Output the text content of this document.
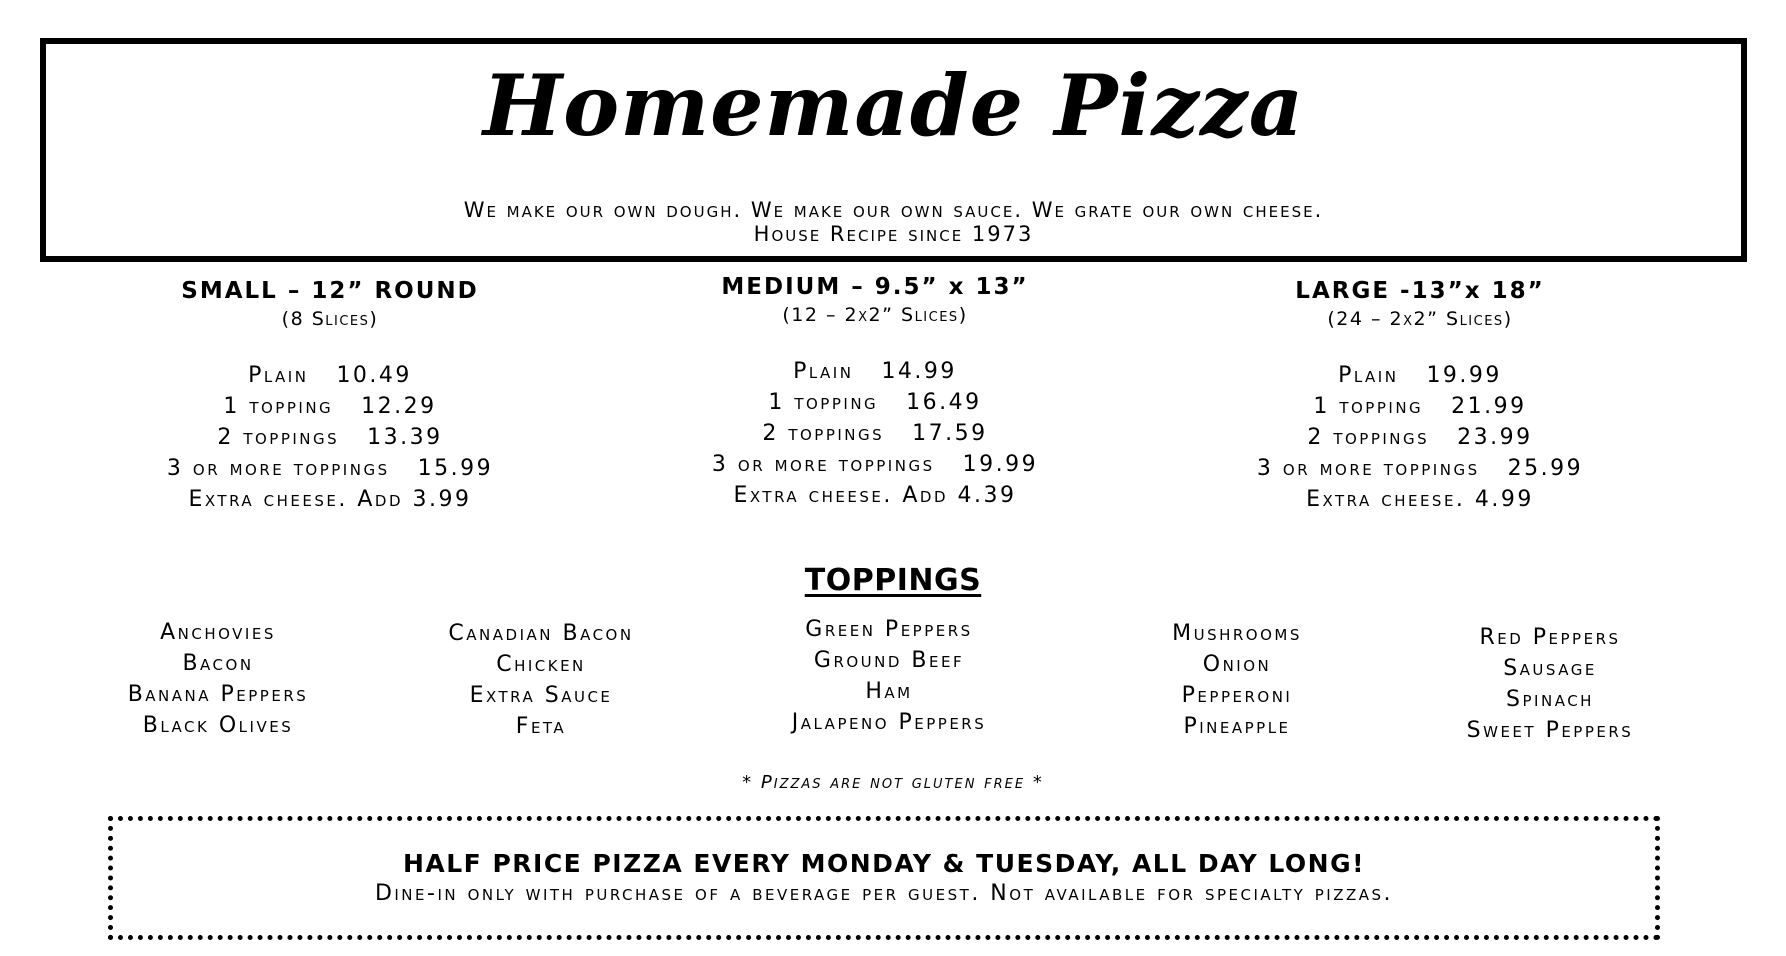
Homemade Pizza
We make our own dough. We make our own sauce. We grate our own cheese.
House Recipe since 1973
SMALL – 12” ROUND
(8 Slices)
Plain 10.49
1 topping 12.29
2 toppings 13.39
3 or more toppings 15.99
Extra cheese. Add 3.99
MEDIUM – 9.5” x 13”
(12 – 2x2” Slices)
Plain 14.99
1 topping 16.49
2 toppings 17.59
3 or more toppings 19.99
Extra cheese. Add 4.39
LARGE -13”x 18”
(24 – 2x2” Slices)
Plain 19.99
1 topping 21.99
2 toppings 23.99
3 or more toppings 25.99
Extra cheese. 4.99
TOPPINGS
Anchovies
Bacon
Banana Peppers
Black Olives
Canadian Bacon
Chicken
Extra Sauce
Feta
Green Peppers
Ground Beef
Ham
Jalapeno Peppers
Mushrooms
Onion
Pepperoni
Pineapple
Red Peppers
Sausage
Spinach
Sweet Peppers
* Pizzas are not gluten free *
HALF PRICE PIZZA EVERY MONDAY & TUESDAY, ALL DAY LONG!
Dine-in only with purchase of a beverage per guest. Not available for specialty pizzas.
